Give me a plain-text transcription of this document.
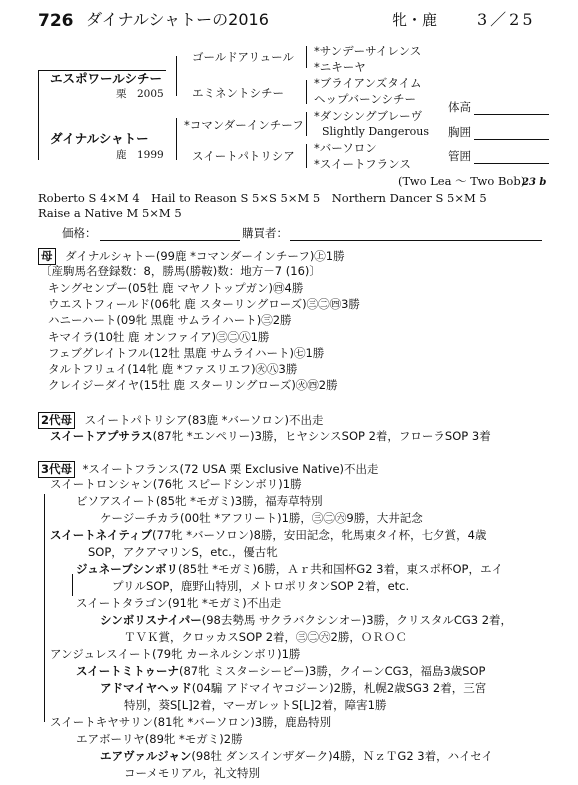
726 ダイナルシャトーの2016	牝・鹿 3／25
エスポワールシチー
栗　2005
ダイナルシャトー
鹿　1999
ゴールドアリュール
エミネントシチー
*コマンダーインチーフ
スイートパトリシア
*サンデーサイレンス
*ニキーヤ
*ブライアンズタイム
ヘップバーンシチー
*ダンシングブレーヴ
Slightly Dangerous
*バーソロン
*スイートフランス
(Two Lea ～ Two Bob)
23 b
体高
胸囲
管囲
Roberto S 4×M 4　Hail to Reason S 5×S 5×M 5　Northern Dancer S 5×M 5
Raise a Native M 5×M 5
価格：	購買者：
母 ダイナルシャトー(99鹿 *コマンダーインチーフ)㊤1勝
〔産駒馬名登録数：8，勝馬(勝鞍)数：地方－7 (16)〕
キングセンプー(05牡 鹿 マヤノトップガン)㊃4勝
ウエストフィールド(06牝 鹿 スターリングローズ)㊂㊁㊃3勝
ハニーハート(09牝 黒鹿 サムライハート)㊂2勝
キマイラ(10牡 鹿 オンファイア)㊂㊁㊇1勝
フェブグレイトフル(12牡 黒鹿 サムライハート)㊆1勝
タルトフリュイ(14牝 鹿 *ファスリエフ)㊋㊇3勝
クレイジーダイヤ(15牡 鹿 スターリングローズ)㊋㊃2勝
2代母 スイートパトリシア(83鹿 *バーソロン)不出走
スイートアプサラス(87牝 *エンペリー)3勝，ヒヤシンスSOP 2着，フローラSOP 3着
3代母 *スイートフランス(72 USA 栗 Exclusive Native)不出走
スイートロンシャン(76牝 スピードシンボリ)1勝
ビソアスイート(85牝 *モガミ)3勝，福寿草特別
ケージーチカラ(00牡 *アフリート)1勝，㊂㊁㊅9勝，大井記念
スイートネイティブ(77牝 *バーソロン)8勝，安田記念，牝馬東タイ杯，七夕賞，4歳
SOP，アクアマリンS，etc.，優古牝
ジュネーブシンボリ(85牡 *モガミ)6勝，Ａｒ共和国杯G2 3着，東スポ杯OP，エイ
プリルSOP，鹿野山特別，メトロポリタンSOP 2着，etc.
スイートタラゴン(91牝 *モガミ)不出走
シンボリスナイパー(98去勢馬 サクラバクシンオー)3勝，クリスタルCG3 2着，
ＴＶＫ賞，クロッカスSOP 2着，㊂㊁㊅2勝，ＯＲＯＣ
アンジュレスイート(79牝 カーネルシンボリ)1勝
スイートミトゥーナ(87牝 ミスターシービー)3勝，クイーンCG3，福島3歳SOP
アドマイヤヘッド(04騸 アドマイヤコジーン)2勝，札幌2歳SG3 2着，三宮
特別，葵S[L]2着，マーガレットS[L]2着，障害1勝
スイートキヤサリン(81牝 *バーソロン)3勝，鹿島特別
エアボーリヤ(89牝 *モガミ)2勝
エアヴァルジャン(98牡 ダンスインザダーク)4勝，ＮｚＴG2 3着，ハイセイ
コーメモリアル，礼文特別
